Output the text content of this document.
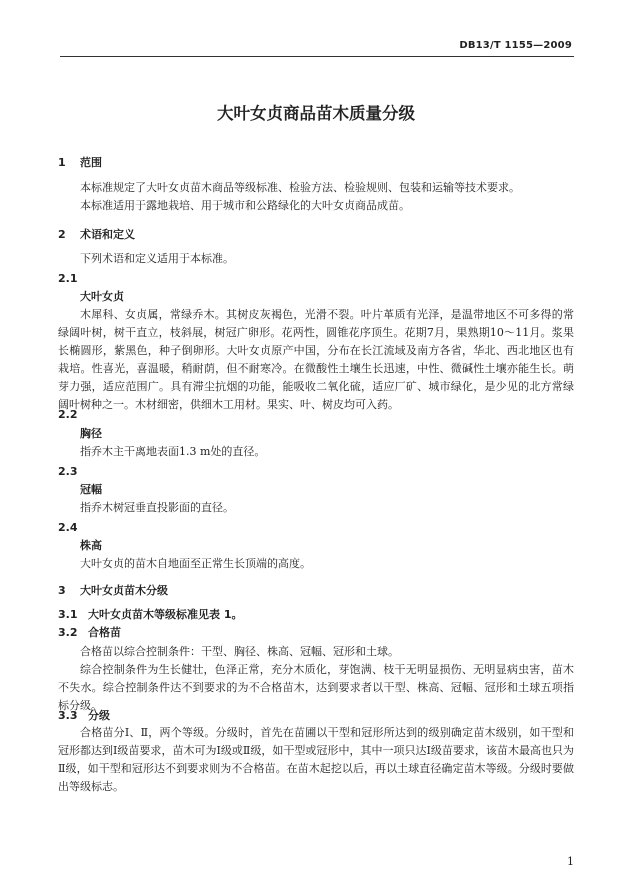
DB13/T 1155—2009
大叶女贞商品苗木质量分级
1 范围
本标准规定了大叶女贞苗木商品等级标准、检验方法、检验规则、包装和运输等技术要求。
本标准适用于露地栽培、用于城市和公路绿化的大叶女贞商品成苗。
2 术语和定义
下列术语和定义适用于本标准。
2.1
大叶女贞
木犀科、女贞属，常绿乔木。其树皮灰褐色，光滑不裂。叶片革质有光泽，是温带地区不可多得的常绿阔叶树，树干直立，枝斜展，树冠广卵形。花两性，圆锥花序顶生。花期7月，果熟期10～11月。浆果长椭圆形，紫黑色，种子倒卵形。大叶女贞原产中国，分布在长江流域及南方各省，华北、西北地区也有栽培。性喜光，喜温暖，稍耐荫，但不耐寒冷。在微酸性土壤生长迅速，中性、微碱性土壤亦能生长。萌芽力强，适应范围广。具有滞尘抗烟的功能，能吸收二氧化硫，适应厂矿、城市绿化，是少见的北方常绿阔叶树种之一。木材细密，供细木工用材。果实、叶、树皮均可入药。
2.2
胸径
指乔木主干离地表面1.3 m处的直径。
2.3
冠幅
指乔木树冠垂直投影面的直径。
2.4
株高
大叶女贞的苗木自地面至正常生长顶端的高度。
3 大叶女贞苗木分级
3.1 大叶女贞苗木等级标准见表 1。
3.2 合格苗
合格苗以综合控制条件：干型、胸径、株高、冠幅、冠形和土球。
综合控制条件为生长健壮，色泽正常，充分木质化，芽饱满、枝干无明显损伤、无明显病虫害，苗木不失水。综合控制条件达不到要求的为不合格苗木，达到要求者以干型、株高、冠幅、冠形和土球五项指标分级。
3.3 分级
合格苗分Ⅰ、Ⅱ，两个等级。分级时，首先在苗圃以干型和冠形所达到的级别确定苗木级别，如干型和冠形都达到Ⅰ级苗要求，苗木可为Ⅰ级或Ⅱ级，如干型或冠形中，其中一项只达Ⅰ级苗要求，该苗木最高也只为Ⅱ级，如干型和冠形达不到要求则为不合格苗。在苗木起挖以后，再以土球直径确定苗木等级。分级时要做出等级标志。
1
